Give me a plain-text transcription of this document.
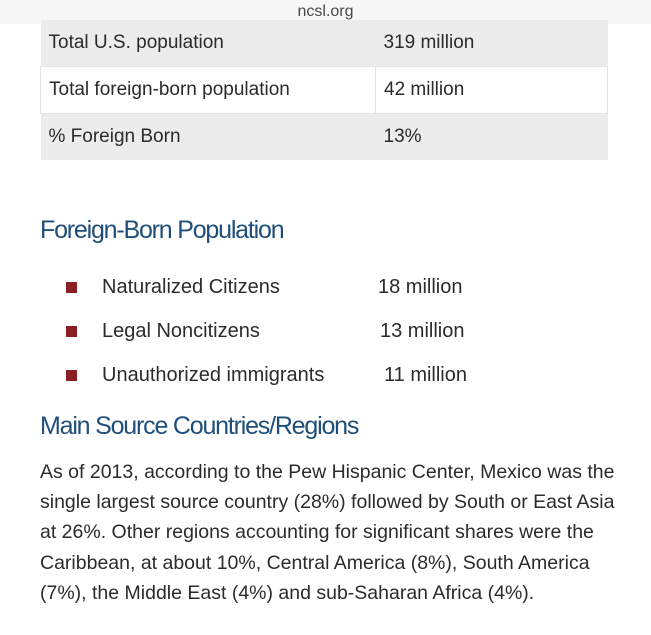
ncsl.org
Total U.S. population	319 million
Total foreign-born population	42 million
% Foreign Born	13%
Foreign-Born Population
Naturalized Citizens	18 million
Legal Noncitizens	13 million
Unauthorized immigrants	11 million
Main Source Countries/Regions

As of 2013, according to the Pew Hispanic Center, Mexico was the single largest source country (28%) followed by South or East Asia at 26%. Other regions accounting for significant shares were the Caribbean, at about 10%, Central America (8%), South America (7%), the Middle East (4%) and sub-Saharan Africa (4%).
